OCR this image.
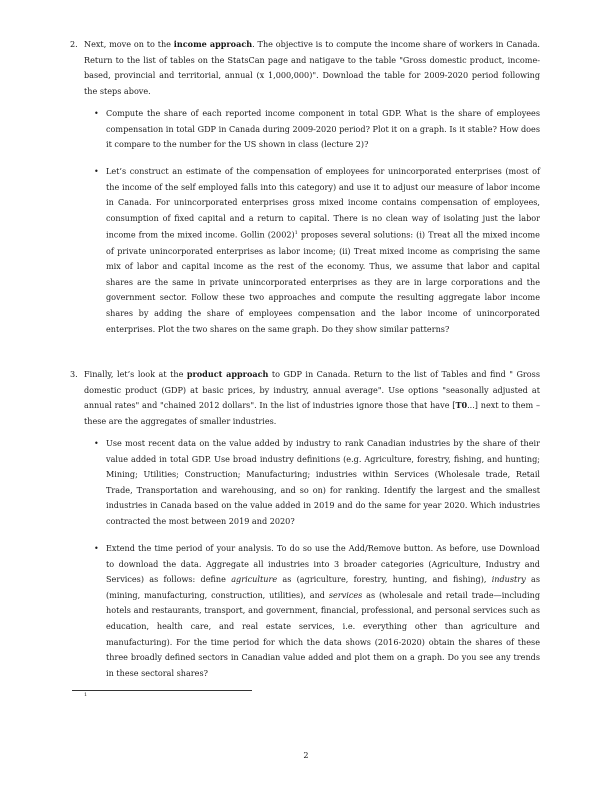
2. Next, move on to the income approach. The objective is to compute the income share of workers in Canada. Return to the list of tables on the StatsCan page and natigave to the table "Gross domestic product, income-based, provincial and territorial, annual (x 1,000,000)". Download the table for 2009-2020 period following the steps above.
• Compute the share of each reported income component in total GDP. What is the share of employees compensation in total GDP in Canada during 2009-2020 period? Plot it on a graph. Is it stable? How does it compare to the number for the US shown in class (lecture 2)?
• Let’s construct an estimate of the compensation of employees for unincorporated enterprises (most of the income of the self employed falls into this category) and use it to adjust our measure of labor income in Canada. For unincorporated enterprises gross mixed income contains compensation of employees, consumption of fixed capital and a return to capital. There is no clean way of isolating just the labor income from the mixed income. Gollin $(2002)^1$ proposes several solutions: (i) Treat all the mixed income of private unincorporated enterprises as labor income; (ii) Treat mixed income as comprising the same mix of labor and capital income as the rest of the economy. Thus, we assume that labor and capital shares are the same in private unincorporated enterprises as they are in large corporations and the government sector. Follow these two approaches and compute the resulting aggregate labor income shares by adding the share of employees compensation and the labor income of unincorporated enterprises. Plot the two shares on the same graph. Do they show similar patterns?
3. Finally, let’s look at the product approach to GDP in Canada. Return to the list of Tables and find " Gross domestic product (GDP) at basic prices, by industry, annual average". Use options "seasonally adjusted at annual rates" and "chained 2012 dollars". In the list of industries ignore those that have [T0...] next to them – these are the aggregates of smaller industries.
• Use most recent data on the value added by industry to rank Canadian industries by the share of their value added in total GDP. Use broad industry definitions (e.g. Agriculture, forestry, fishing, and hunting; Mining; Utilities; Construction; Manufacturing; industries within Services (Wholesale trade, Retail Trade, Transportation and warehousing, and so on) for ranking. Identify the largest and the smallest industries in Canada based on the value added in 2019 and do the same for year 2020. Which industries contracted the most between 2019 and 2020?
• Extend the time period of your analysis. To do so use the Add/Remove button. As before, use Download to download the data. Aggregate all industries into 3 broader categories (Agriculture, Industry and Services) as follows: define agriculture as (agriculture, forestry, hunting, and fishing), industry as (mining, manufacturing, construction, utilities), and services as (wholesale and retail trade—including hotels and restaurants, transport, and government, financial, professional, and personal services such as education, health care, and real estate services, i.e. everything other than agriculture and manufacturing). For the time period for which the data shows (2016-2020) obtain the shares of these three broadly defined sectors in Canadian value added and plot them on a graph. Do you see any trends in these sectoral shares?
1
2
